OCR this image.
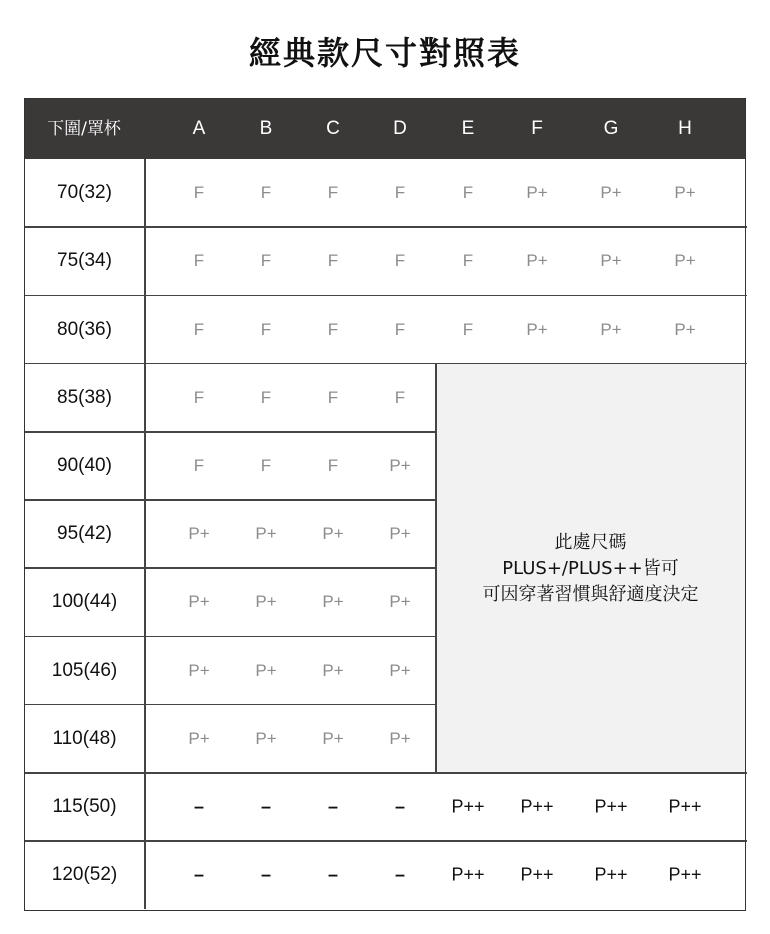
經典款尺寸對照表
此處尺碼
PLUS+/PLUS++皆可
可因穿著習慣與舒適度決定
下圍/罩杯	A	B	C	D	E	F	G	H
70(32)	F	F	F	F	F	P+	P+	P+
75(34)	F	F	F	F	F	P+	P+	P+
80(36)	F	F	F	F	F	P+	P+	P+
85(38)	F	F	F	F
90(40)	F	F	F	P+
95(42)	P+	P+	P+	P+
100(44)	P+	P+	P+	P+
105(46)	P+	P+	P+	P+
110(48)	P+	P+	P+	P+
115(50)	–	–	–	–	P++ P++ P++ P++
120(52)	–	–	–	–	P++ P++ P++ P++
